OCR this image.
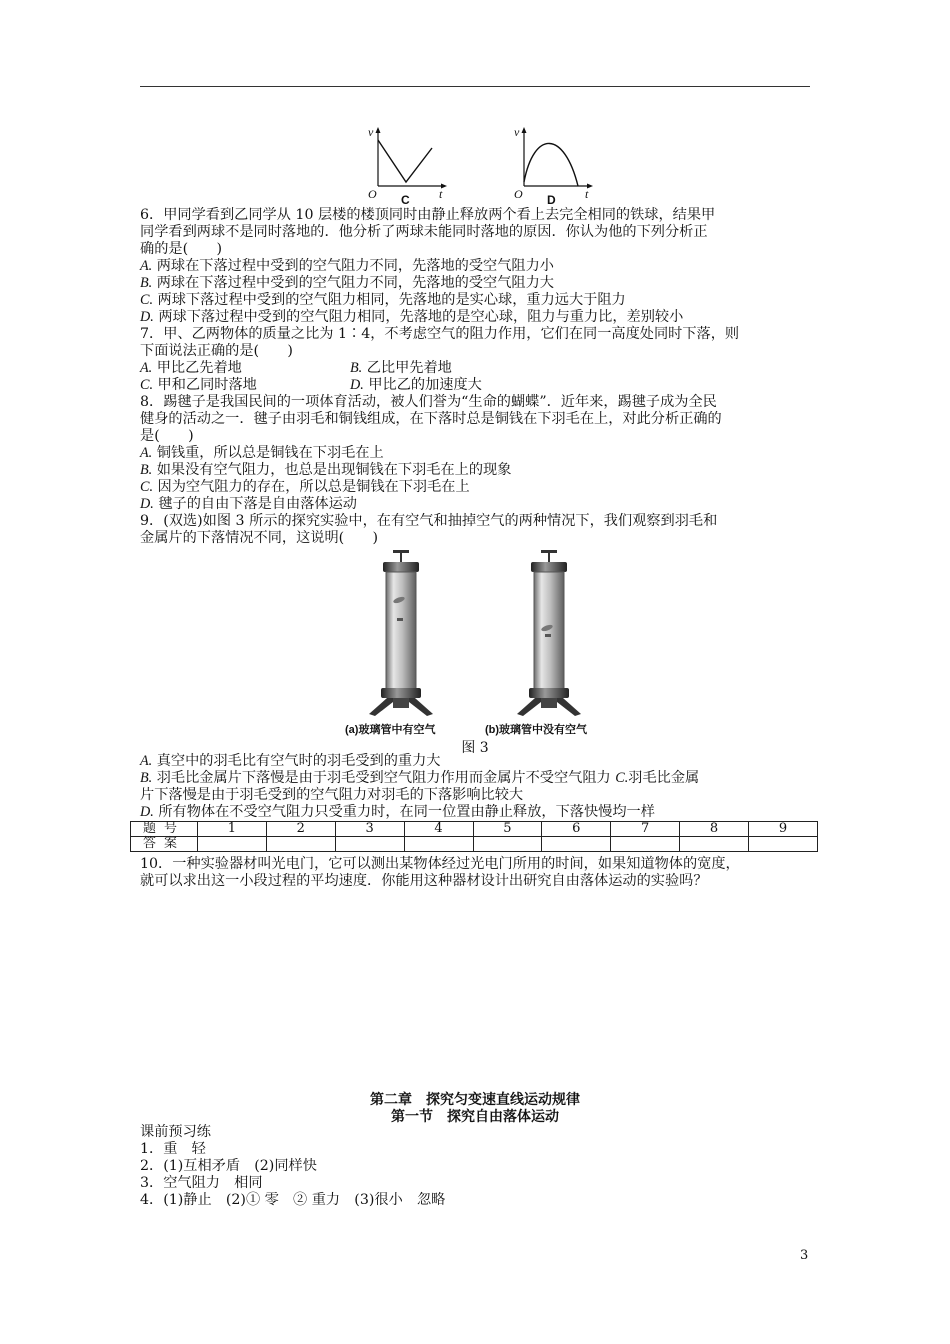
v
t
O C
v
t
O D

6．甲同学看到乙同学从 10 层楼的楼顶同时由静止释放两个看上去完全相同的铁球，结果甲

同学看到两球不是同时落地的．他分析了两球未能同时落地的原因．你认为他的下列分析正

确的是(　　)

A. 两球在下落过程中受到的空气阻力不同，先落地的受空气阻力小

B. 两球在下落过程中受到的空气阻力不同，先落地的受空气阻力大

C. 两球下落过程中受到的空气阻力相同，先落地的是实心球，重力远大于阻力

D. 两球下落过程中受到的空气阻力相同，先落地的是空心球，阻力与重力比，差别较小

7．甲、乙两物体的质量之比为 1∶4，不考虑空气的阻力作用，它们在同一高度处同时下落，则

下面说法正确的是(　　)

A. 甲比乙先着地	B. 乙比甲先着地
C. 甲和乙同时落地	D. 甲比乙的加速度大

8．踢毽子是我国民间的一项体育活动，被人们誉为“生命的蝴蝶”．近年来，踢毽子成为全民

健身的活动之一．毽子由羽毛和铜钱组成，在下落时总是铜钱在下羽毛在上，对此分析正确的

是(　　)

A. 铜钱重，所以总是铜钱在下羽毛在上

B. 如果没有空气阻力，也总是出现铜钱在下羽毛在上的现象

C. 因为空气阻力的存在，所以总是铜钱在下羽毛在上

D. 毽子的自由下落是自由落体运动

9．(双选)如图 3 所示的探究实验中，在有空气和抽掉空气的两种情况下，我们观察到羽毛和

金属片的下落情况不同，这说明(　　)

(a)玻璃管中有空气	(b)玻璃管中没有空气
图 3

A. 真空中的羽毛比有空气时的羽毛受到的重力大

B. 羽毛比金属片下落慢是由于羽毛受到空气阻力作用而金属片不受空气阻力 C.羽毛比金属

片下落慢是由于羽毛受到的空气阻力对羽毛的下落影响比较大

D. 所有物体在不受空气阻力只受重力时，在同一位置由静止释放，下落快慢均一样

题号	1	2	3	4	5	6	7	8	9
答案									

10．一种实验器材叫光电门，它可以测出某物体经过光电门所用的时间，如果知道物体的宽度，

就可以求出这一小段过程的平均速度．你能用这种器材设计出研究自由落体运动的实验吗？

第二章　探究匀变速直线运动规律
第一节　探究自由落体运动

课前预习练

1．重　轻

2．(1)互相矛盾　(2)同样快

3．空气阻力　相同

4．(1)静止　(2)① 零　② 重力　(3)很小　忽略

3
